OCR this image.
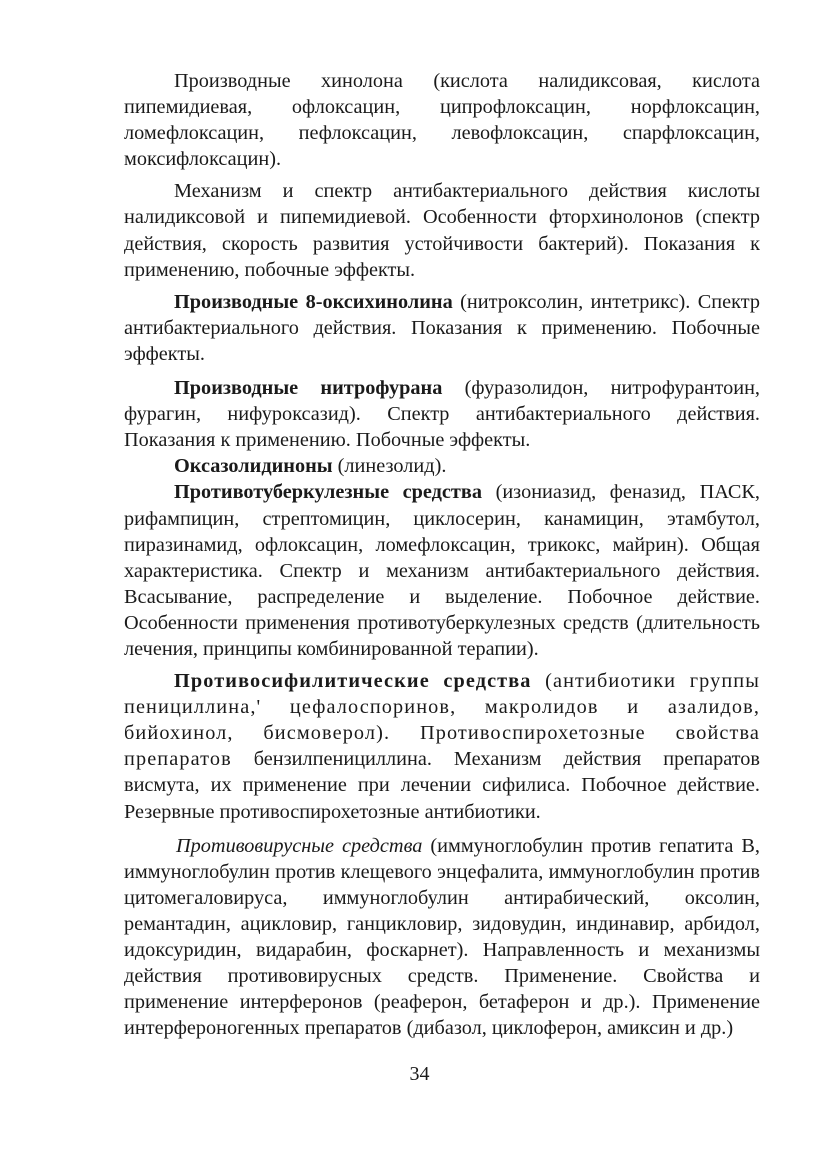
Производные хинолона (кислота налидиксовая, кислота пипемидиевая, офлоксацин, ципрофлоксацин, норфлоксацин, ломефлоксацин, пефлоксацин, левофлоксацин, спарфлоксацин, моксифлоксацин).

Механизм и спектр антибактериального действия кислоты налидиксовой и пипемидиевой. Особенности фторхинолонов (спектр действия, скорость развития устойчивости бактерий). Показания к применению, побочные эффекты.

Производные 8-оксихинолина (нитроксолин, интетрикс). Спектр антибактериального действия. Показания к применению. Побочные эффекты.

Производные нитрофурана (фуразолидон, нитрофурантоин, фурагин, нифуроксазид). Спектр антибактериального действия. Показания к применению. Побочные эффекты.

Оксазолидиноны (линезолид).

Противотуберкулезные средства (изониазид, феназид, ПАСК, рифампицин, стрептомицин, циклосерин, канамицин, этамбутол, пиразинамид, офлоксацин, ломефлоксацин, трикокс, майрин). Общая характеристика. Спектр и механизм антибактериального действия. Всасывание, распределение и выделение. Побочное действие. Особенности применения противотуберкулезных средств (длительность лечения, принципы комбинированной терапии).

Противосифилитические средства (антибиотики группы пенициллина,' цефалоспоринов, макролидов и азалидов, бийохинол, бисмоверол). Противоспирохетозные свойства препаратов бензилпенициллина. Механизм действия препаратов висмута, их применение при лечении сифилиса. Побочное действие. Резервные противоспирохетозные антибиотики.

Противовирусные средства (иммуноглобулин против гепатита В, иммуноглобулин против клещевого энцефалита, иммуноглобулин против цитомегаловируса, иммуноглобулин антирабический, оксолин, ремантадин, ацикловир, ганцикловир, зидовудин, индинавир, арбидол, идоксуридин, видарабин, фоскарнет). Направленность и механизмы действия противовирусных средств. Применение. Свойства и применение интерферонов (реаферон, бетаферон и др.). Применение интерфероногенных препаратов (дибазол, циклоферон, амиксин и др.)

34
